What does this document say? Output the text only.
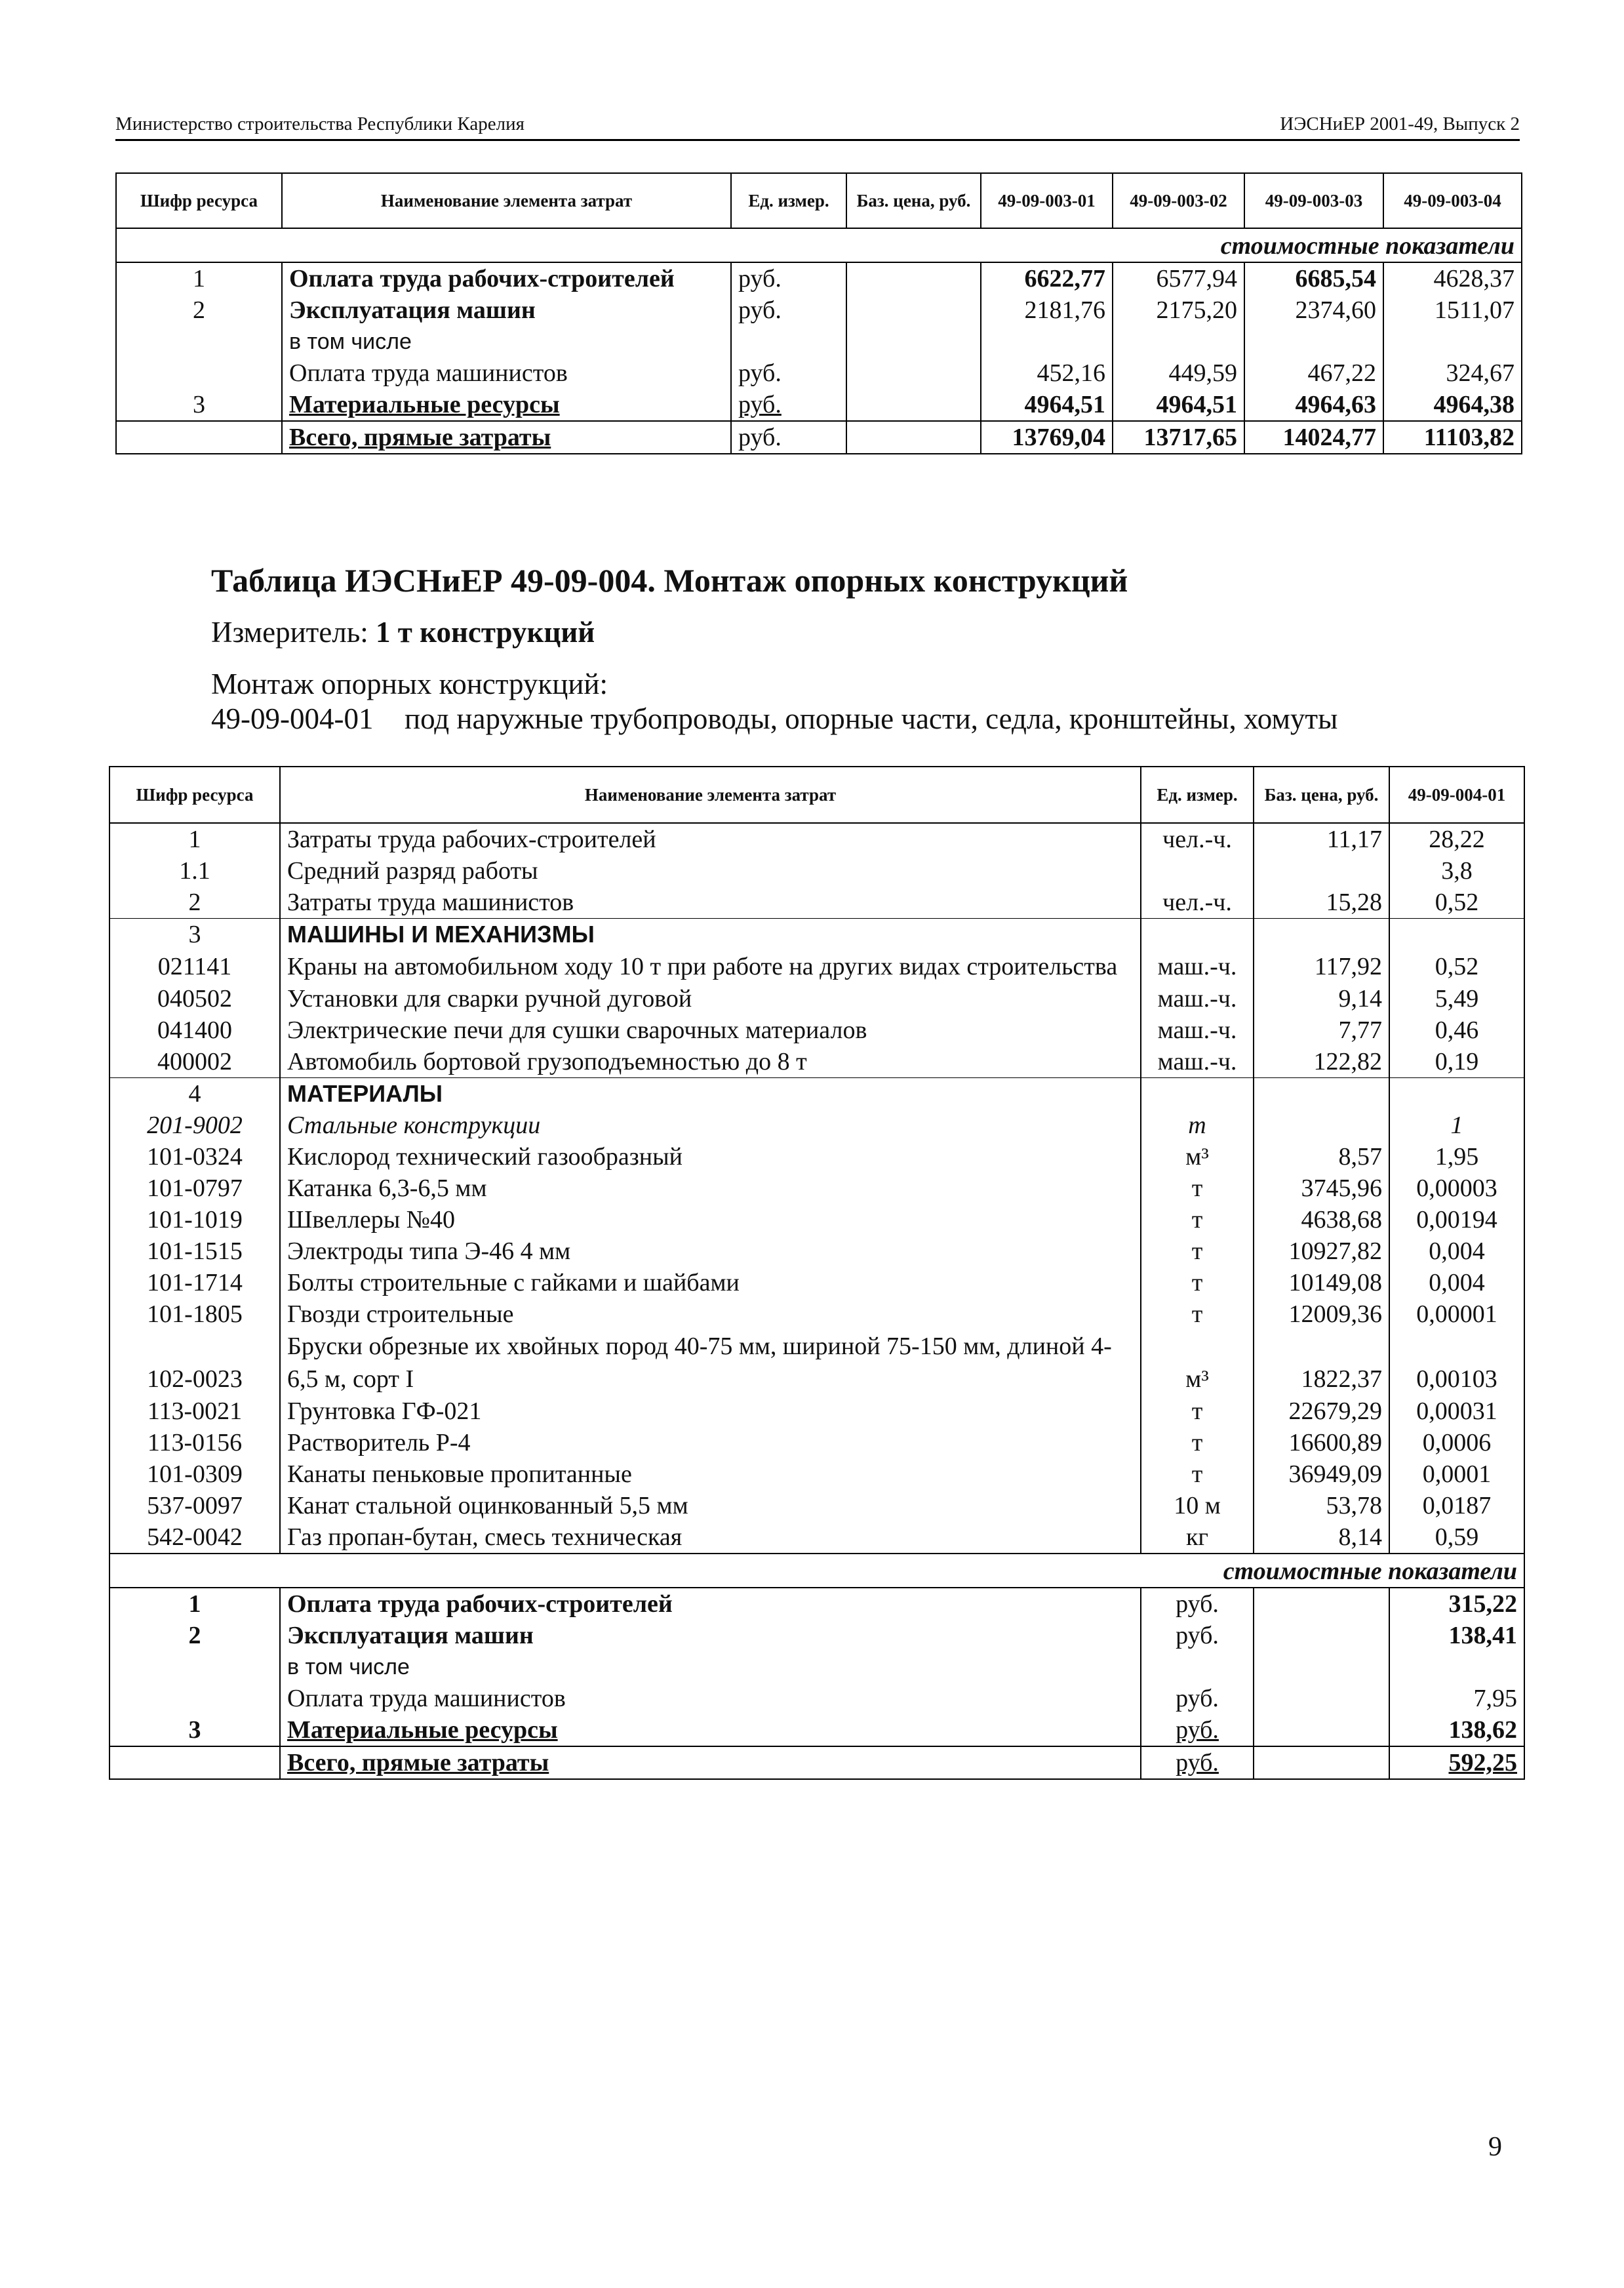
Министерство строительства Республики Карелия	ИЭСНиЕР 2001-49, Выпуск 2
Шифр ресурса	Наименование элемента затрат	Ед. измер.	Баз. цена, руб.	49-09-003-01	49-09-003-02	49-09-003-03	49-09-003-04
стоимостные показатели							
1	Оплата труда рабочих-строителей	руб.		6622,77	6577,94	6685,54	4628,37
2	Эксплуатация машин	руб.		2181,76	2175,20	2374,60	1511,07
	в том числе						
	Оплата труда машинистов	руб.		452,16	449,59	467,22	324,67
3	Материальные ресурсы	руб.		4964,51	4964,51	4964,63	4964,38
	Всего, прямые затраты	руб.		13769,04	13717,65	14024,77	11103,82
Таблица ИЭСНиЕР 49-09-004. Монтаж опорных конструкций
Измеритель: 1 т конструкций
Монтаж опорных конструкций:
49-09-004-01 под наружные трубопроводы, опорные части, седла, кронштейны, хомуты
Шифр ресурса	Наименование элемента затрат	Ед. измер.	Баз. цена, руб.	49-09-004-01
1	Затраты труда рабочих-строителей	чел.-ч.	11,17	28,22
1.1	Средний разряд работы			3,8
2	Затраты труда машинистов	чел.-ч.	15,28	0,52
3	МАШИНЫ И МЕХАНИЗМЫ			
021141	Краны на автомобильном ходу 10 т при работе на других видах строительства	маш.-ч.	117,92	0,52
040502	Установки для сварки ручной дуговой	маш.-ч.	9,14	5,49
041400	Электрические печи для сушки сварочных материалов	маш.-ч.	7,77	0,46
400002	Автомобиль бортовой грузоподъемностью до 8 т	маш.-ч.	122,82	0,19
4	МАТЕРИАЛЫ			
201-9002	Стальные конструкции	т		1
101-0324	Кислород технический газообразный	м³	8,57	1,95
101-0797	Катанка 6,3-6,5 мм	т	3745,96	0,00003
101-1019	Швеллеры №40	т	4638,68	0,00194
101-1515	Электроды типа Э-46 4 мм	т	10927,82	0,004
101-1714	Болты строительные с гайками и шайбами	т	10149,08	0,004
101-1805	Гвозди строительные	т	12009,36	0,00001
102-0023	Бруски обрезные их хвойных пород 40-75 мм, шириной 75-150 мм, длиной 4-6,5 м, сорт I	м³	1822,37	0,00103
113-0021	Грунтовка ГФ-021	т	22679,29	0,00031
113-0156	Растворитель Р-4	т	16600,89	0,0006
101-0309	Канаты пеньковые пропитанные	т	36949,09	0,0001
537-0097	Канат стальной оцинкованный 5,5 мм	10 м	53,78	0,0187
542-0042	Газ пропан-бутан, смесь техническая	кг	8,14	0,59
стоимостные показатели				
1	Оплата труда рабочих-строителей	руб.		315,22
2	Эксплуатация машин	руб.		138,41
	в том числе			
	Оплата труда машинистов	руб.		7,95
3	Материальные ресурсы	руб.		138,62
	Всего, прямые затраты	руб.		592,25
9
